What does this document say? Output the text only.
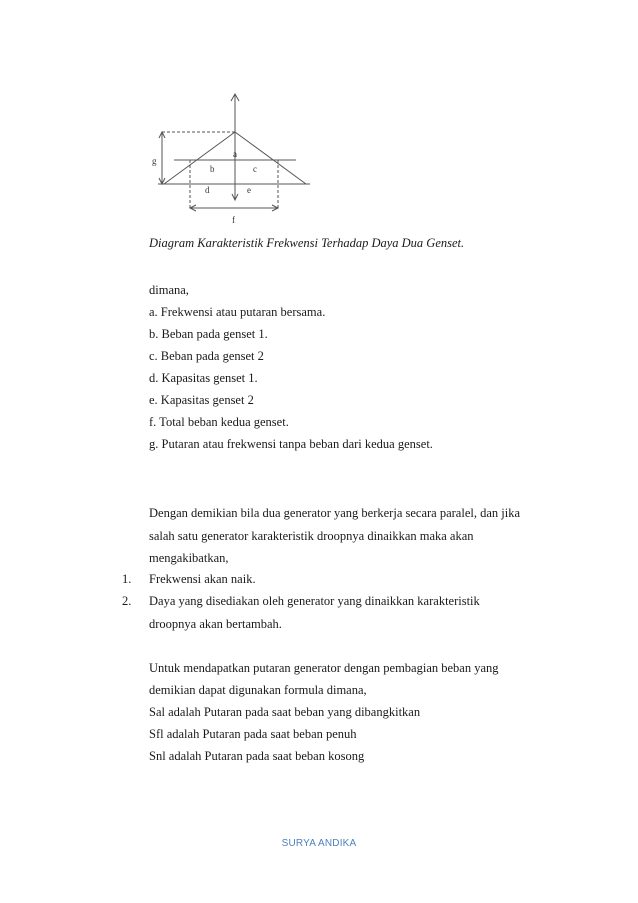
g
a
b	c
d	e
f
Diagram Karakteristik Frekwensi Terhadap Daya Dua Genset.
dimana,
a. Frekwensi atau putaran bersama.
b. Beban pada genset 1.
c. Beban pada genset 2
d. Kapasitas genset 1.
e. Kapasitas genset 2
f. Total beban kedua genset.
g. Putaran atau frekwensi tanpa beban dari kedua genset.
Dengan demikian bila dua generator yang berkerja secara paralel, dan jika
salah satu generator karakteristik droopnya dinaikkan maka akan
mengakibatkan,
1. Frekwensi akan naik.
2. Daya yang disediakan oleh generator yang dinaikkan karakteristik
droopnya akan bertambah.
Untuk mendapatkan putaran generator dengan pembagian beban yang
demikian dapat digunakan formula dimana,
Sal adalah Putaran pada saat beban yang dibangkitkan
Sfl adalah Putaran pada saat beban penuh
Snl adalah Putaran pada saat beban kosong
SURYA ANDIKA
